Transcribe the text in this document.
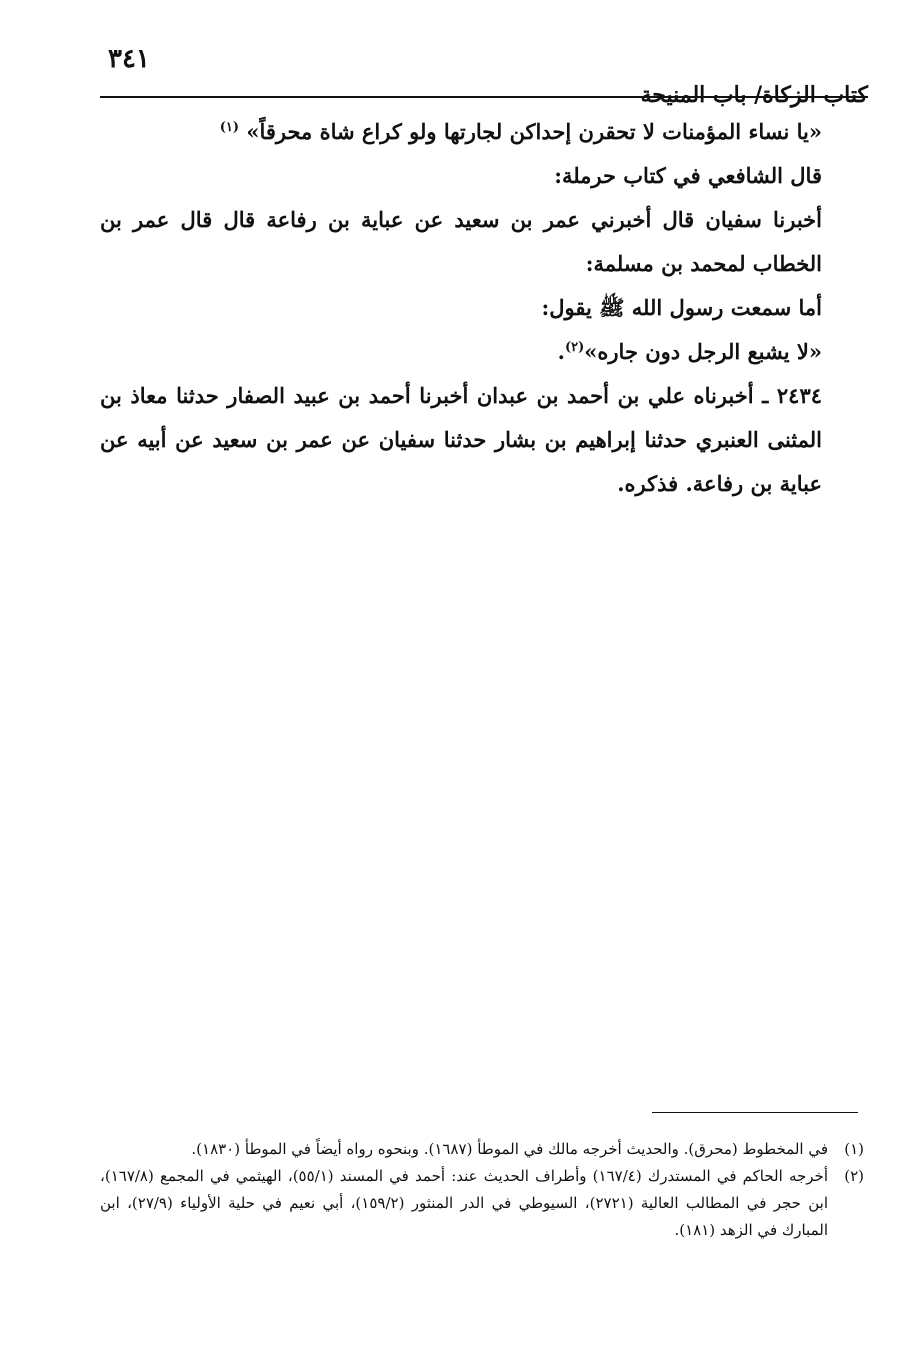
٣٤١
كتاب الزكاة/ باب المنيحة

«يا نساء المؤمنات لا تحقرن إحداكن لجارتها ولو كراع شاة محرقاً» $^{(١)}$

قال الشافعي في كتاب حرملة:

أخبرنا سفيان قال أخبرني عمر بن سعيد عن عباية بن رفاعة قال قال عمر بن الخطاب لمحمد بن مسلمة:

أما سمعت رسول الله ﷺ يقول:

«لا يشبع الرجل دون جاره»$^{(٢)}$.

٢٤٣٤ ـ أخبرناه علي بن أحمد بن عبدان أخبرنا أحمد بن عبيد الصفار حدثنا معاذ بن المثنى العنبري حدثنا إبراهيم بن بشار حدثنا سفيان عن عمر بن سعيد عن أبيه عن عباية بن رفاعة. فذكره.

(١)
في المخطوط (محرق). والحديث أخرجه مالك في الموطأ (١٦٨٧). وبنحوه رواه أيضاً في الموطأ (١٨٣٠).
(٢)
أخرجه الحاكم في المستدرك (١٦٧/٤) وأطراف الحديث عند: أحمد في المسند (٥٥/١)، الهيثمي في المجمع (١٦٧/٨)، ابن حجر في المطالب العالية (٢٧٢١)، السيوطي في الدر المنثور (١٥٩/٢)، أبي نعيم في حلية الأولياء (٢٧/٩)، ابن المبارك في الزهد (١٨١).
